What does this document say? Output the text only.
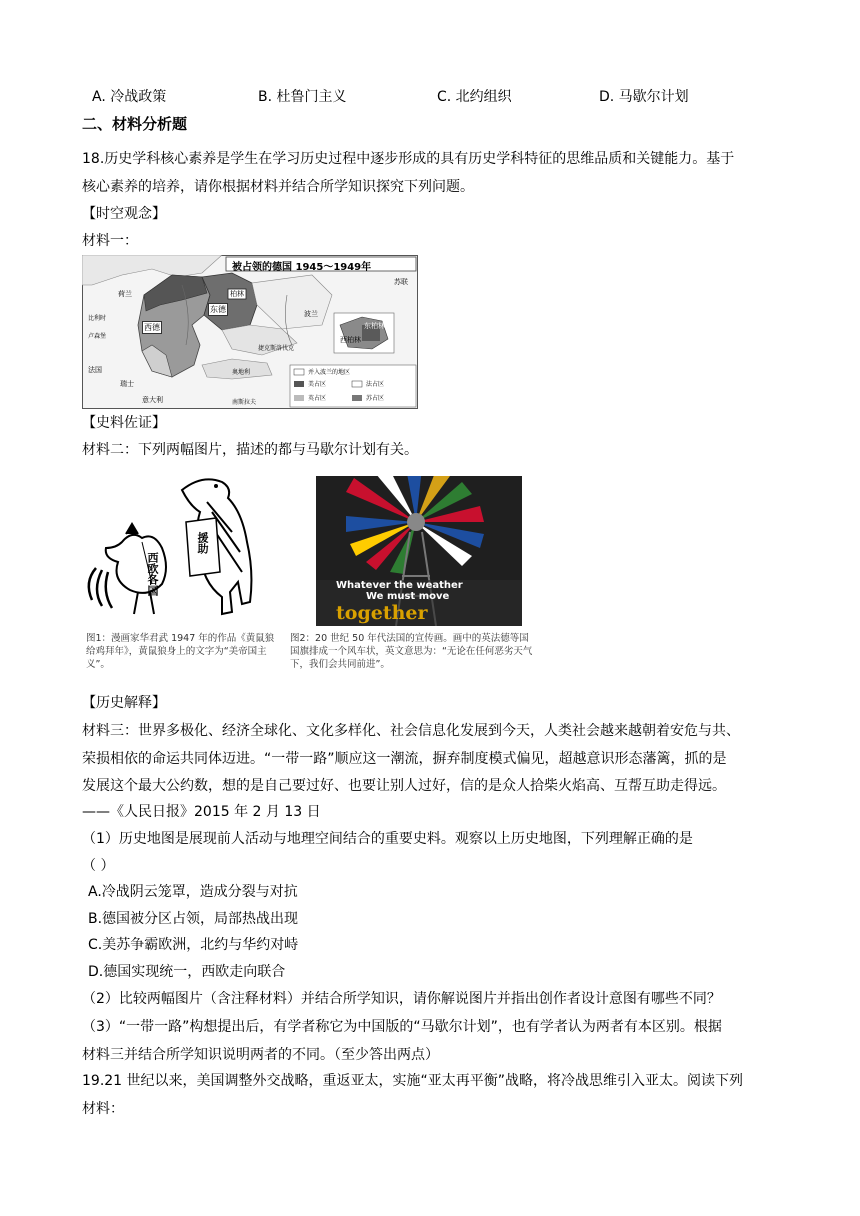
A. 冷战政策	B. 杜鲁门主义	C. 北约组织	D. 马歇尔计划
二、材料分析题
18.历史学科核心素养是学生在学习历史过程中逐步形成的具有历史学科特征的思维品质和关键能力。基于
核心素养的培养，请你根据材料并结合所学知识探究下列问题。
【时空观念】
材料一：
被占领的德国 1945～1949年
苏联
荷兰
比利时
卢森堡
法国
瑞士
意大利
西德
东德
柏林
波兰
捷克斯洛伐克
奥地利
南斯拉夫
东柏林
西柏林
并入波兰的地区
美占区	法占区
英占区	苏占区
【史料佐证】
材料二：下列两幅图片，描述的都与马歇尔计划有关。
援助
西欧各国
图1：漫画家华君武 1947 年的作品《黄鼠狼给鸡拜年》，黄鼠狼身上的文字为“美帝国主义”。
Whatever the weather
We must move
together
图2：20 世纪 50 年代法国的宣传画。画中的英法德等国国旗排成一个风车状，英文意思为：“无论在任何恶劣天气下，我们会共同前进”。
【历史解释】
材料三：世界多极化、经济全球化、文化多样化、社会信息化发展到今天，人类社会越来越朝着安危与共、
荣损相依的命运共同体迈进。“一带一路”顺应这一潮流，摒弃制度模式偏见，超越意识形态藩篱，抓的是
发展这个最大公约数，想的是自己要过好、也要让别人过好，信的是众人拾柴火焰高、互帮互助走得远。
——《人民日报》2015 年 2 月 13 日
（1）历史地图是展现前人活动与地理空间结合的重要史料。观察以上历史地图，下列理解正确的是
（ ）
A.冷战阴云笼罩，造成分裂与对抗
B.德国被分区占领，局部热战出现
C.美苏争霸欧洲，北约与华约对峙
D.德国实现统一，西欧走向联合
（2）比较两幅图片（含注释材料）并结合所学知识，请你解说图片并指出创作者设计意图有哪些不同？
（3）“一带一路”构想提出后，有学者称它为中国版的“马歇尔计划”，也有学者认为两者有本区别。根据
材料三并结合所学知识说明两者的不同。（至少答出两点）
19.21 世纪以来，美国调整外交战略，重返亚太，实施“亚太再平衡”战略，将冷战思维引入亚太。阅读下列
材料：
